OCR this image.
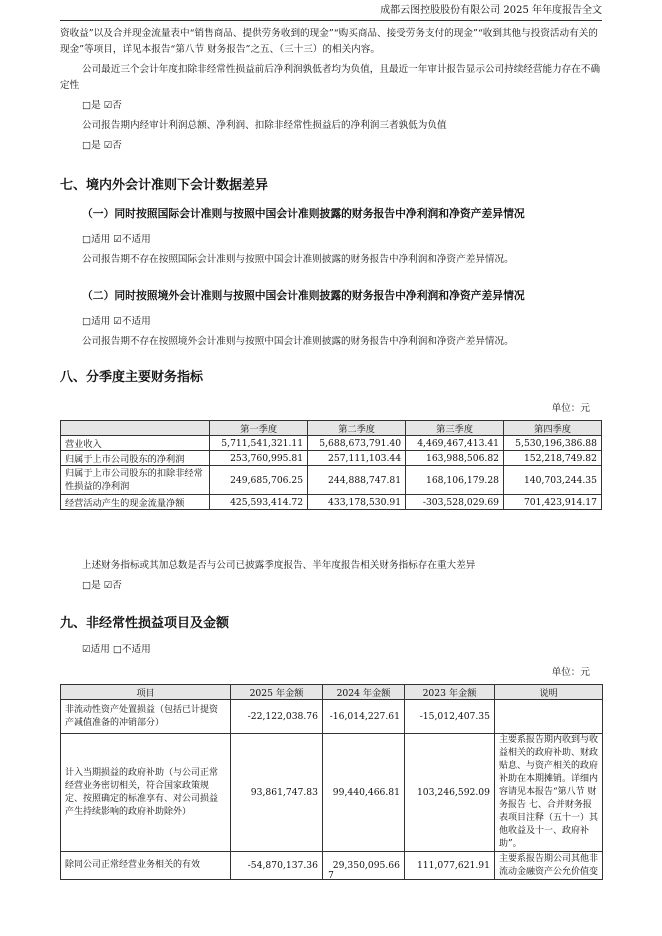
成都云图控股股份有限公司 2025 年年度报告全文
资收益”以及合并现金流量表中“销售商品、提供劳务收到的现金”“购买商品、接受劳务支付的现金”“收到其他与投资活动有关的现金”等项目，详见本报告“第八节 财务报告”之五、（三十三）的相关内容。
公司最近三个会计年度扣除非经常性损益前后净利润孰低者均为负值，且最近一年审计报告显示公司持续经营能力存在不确定性
□是 ☑否
公司报告期内经审计利润总额、净利润、扣除非经常性损益后的净利润三者孰低为负值
□是 ☑否
七、境内外会计准则下会计数据差异
（一）同时按照国际会计准则与按照中国会计准则披露的财务报告中净利润和净资产差异情况
□适用 ☑不适用
公司报告期不存在按照国际会计准则与按照中国会计准则披露的财务报告中净利润和净资产差异情况。
（二）同时按照境外会计准则与按照中国会计准则披露的财务报告中净利润和净资产差异情况
□适用 ☑不适用
公司报告期不存在按照境外会计准则与按照中国会计准则披露的财务报告中净利润和净资产差异情况。
八、分季度主要财务指标
单位：元
	第一季度	第二季度	第三季度	第四季度
营业收入	5,711,541,321.11	5,688,673,791.40	4,469,467,413.41	5,530,196,386.88
归属于上市公司股东的净利润	253,760,995.81	257,111,103.44	163,988,506.82	152,218,749.82
归属于上市公司股东的扣除非经常性损益的净利润	249,685,706.25	244,888,747.81	168,106,179.28	140,703,244.35
经营活动产生的现金流量净额	425,593,414.72	433,178,530.91	-303,528,029.69	701,423,914.17
上述财务指标或其加总数是否与公司已披露季度报告、半年度报告相关财务指标存在重大差异
□是 ☑否
九、非经常性损益项目及金额
☑适用 □不适用
单位：元
项目	2025 年金额	2024 年金额	2023 年金额	说明
非流动性资产处置损益（包括已计提资产减值准备的冲销部分）	-22,122,038.76	-16,014,227.61	-15,012,407.35	
计入当期损益的政府补助（与公司正常经营业务密切相关，符合国家政策规定、按照确定的标准享有、对公司损益产生持续影响的政府补助除外）	93,861,747.83	99,440,466.81	103,246,592.09	主要系报告期内收到与收益相关的政府补助、财政贴息、与资产相关的政府补助在本期摊销。详细内容请见本报告“第八节 财务报告 七、合并财务报表项目注释（五十一）其他收益及十一、政府补助”。
除同公司正常经营业务相关的有效	-54,870,137.36	29,350,095.66	111,077,621.91	主要系报告期公司其他非流动金融资产公允价值变
7
